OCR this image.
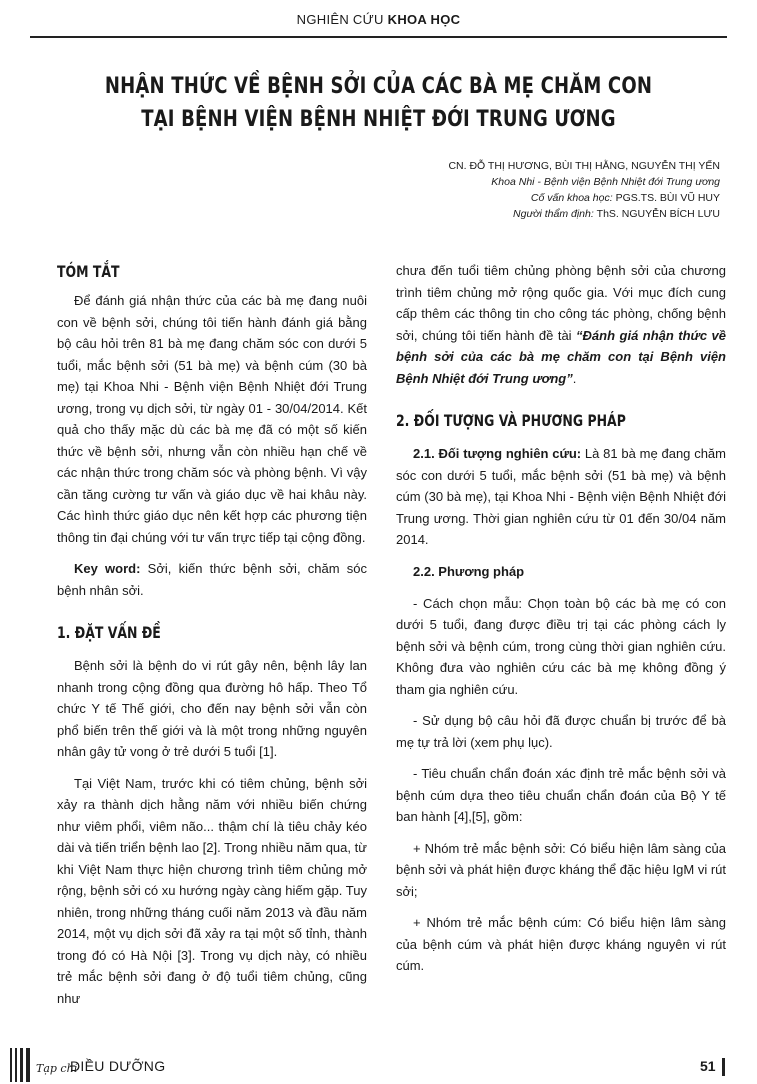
NGHIÊN CỨU KHOA HỌC
NHẬN THỨC VỀ BỆNH SỞI CỦA CÁC BÀ MẸ CHĂM CON
TẠI BỆNH VIỆN BỆNH NHIỆT ĐỚI TRUNG ƯƠNG
CN. ĐỖ THỊ HƯƠNG, BÙI THỊ HẰNG, NGUYỄN THỊ YẾN
Khoa Nhi - Bệnh viện Bệnh Nhiệt đới Trung ương
Cố vấn khoa học: PGS.TS. BÙI VŨ HUY
Người thẩm định: ThS. NGUYỄN BÍCH LƯU
TÓM TẮT

Để đánh giá nhận thức của các bà mẹ đang nuôi con về bệnh sởi, chúng tôi tiến hành đánh giá bằng bộ câu hỏi trên 81 bà mẹ đang chăm sóc con dưới 5 tuổi, mắc bệnh sởi (51 bà mẹ) và bệnh cúm (30 bà mẹ) tại Khoa Nhi - Bệnh viện Bệnh Nhiệt đới Trung ương, trong vụ dịch sởi, từ ngày 01 - 30/04/2014. Kết quả cho thấy mặc dù các bà mẹ đã có một số kiến thức về bệnh sởi, nhưng vẫn còn nhiều hạn chế về các nhận thức trong chăm sóc và phòng bệnh. Vì vậy cần tăng cường tư vấn và giáo dục về hai khâu này. Các hình thức giáo dục nên kết hợp các phương tiện thông tin đại chúng với tư vấn trực tiếp tại cộng đồng.

Key word: Sởi, kiến thức bệnh sởi, chăm sóc bệnh nhân sởi.

1. ĐẶT VẤN ĐỀ

Bệnh sởi là bệnh do vi rút gây nên, bệnh lây lan nhanh trong cộng đồng qua đường hô hấp. Theo Tổ chức Y tế Thế giới, cho đến nay bệnh sởi vẫn còn phổ biến trên thế giới và là một trong những nguyên nhân gây tử vong ở trẻ dưới 5 tuổi [1].

Tại Việt Nam, trước khi có tiêm chủng, bệnh sởi xảy ra thành dịch hằng năm với nhiều biến chứng như viêm phổi, viêm não... thậm chí là tiêu chảy kéo dài và tiến triển bệnh lao [2]. Trong nhiều năm qua, từ khi Việt Nam thực hiện chương trình tiêm chủng mở rộng, bệnh sởi có xu hướng ngày càng hiếm gặp. Tuy nhiên, trong những tháng cuối năm 2013 và đầu năm 2014, một vụ dịch sởi đã xảy ra tại một số tỉnh, thành trong đó có Hà Nội [3]. Trong vụ dịch này, có nhiều trẻ mắc bệnh sởi đang ở độ tuổi tiêm chủng, cũng như

chưa đến tuổi tiêm chủng phòng bệnh sởi của chương trình tiêm chủng mở rộng quốc gia. Với mục đích cung cấp thêm các thông tin cho công tác phòng, chống bệnh sởi, chúng tôi tiến hành đề tài “Đánh giá nhận thức về bệnh sởi của các bà mẹ chăm con tại Bệnh viện Bệnh Nhiệt đới Trung ương”.

2. ĐỐI TƯỢNG VÀ PHƯƠNG PHÁP

2.1. Đối tượng nghiên cứu: Là 81 bà mẹ đang chăm sóc con dưới 5 tuổi, mắc bệnh sởi (51 bà mẹ) và bệnh cúm (30 bà mẹ), tại Khoa Nhi - Bệnh viện Bệnh Nhiệt đới Trung ương. Thời gian nghiên cứu từ 01 đến 30/04 năm 2014.

2.2. Phương pháp

- Cách chọn mẫu: Chọn toàn bộ các bà mẹ có con dưới 5 tuổi, đang được điều trị tại các phòng cách ly bệnh sởi và bệnh cúm, trong cùng thời gian nghiên cứu. Không đưa vào nghiên cứu các bà mẹ không đồng ý tham gia nghiên cứu.

- Sử dụng bộ câu hỏi đã được chuẩn bị trước để bà mẹ tự trả lời (xem phụ lục).

- Tiêu chuẩn chẩn đoán xác định trẻ mắc bệnh sởi và bệnh cúm dựa theo tiêu chuẩn chẩn đoán của Bộ Y tế ban hành [4],[5], gồm:

+ Nhóm trẻ mắc bệnh sởi: Có biểu hiện lâm sàng của bệnh sởi và phát hiện được kháng thể đặc hiệu IgM vi rút sởi;

+ Nhóm trẻ mắc bệnh cúm: Có biểu hiện lâm sàng của bệnh cúm và phát hiện được kháng nguyên vi rút cúm.

Tạp chí
ĐIỀU DƯỠNG	51
